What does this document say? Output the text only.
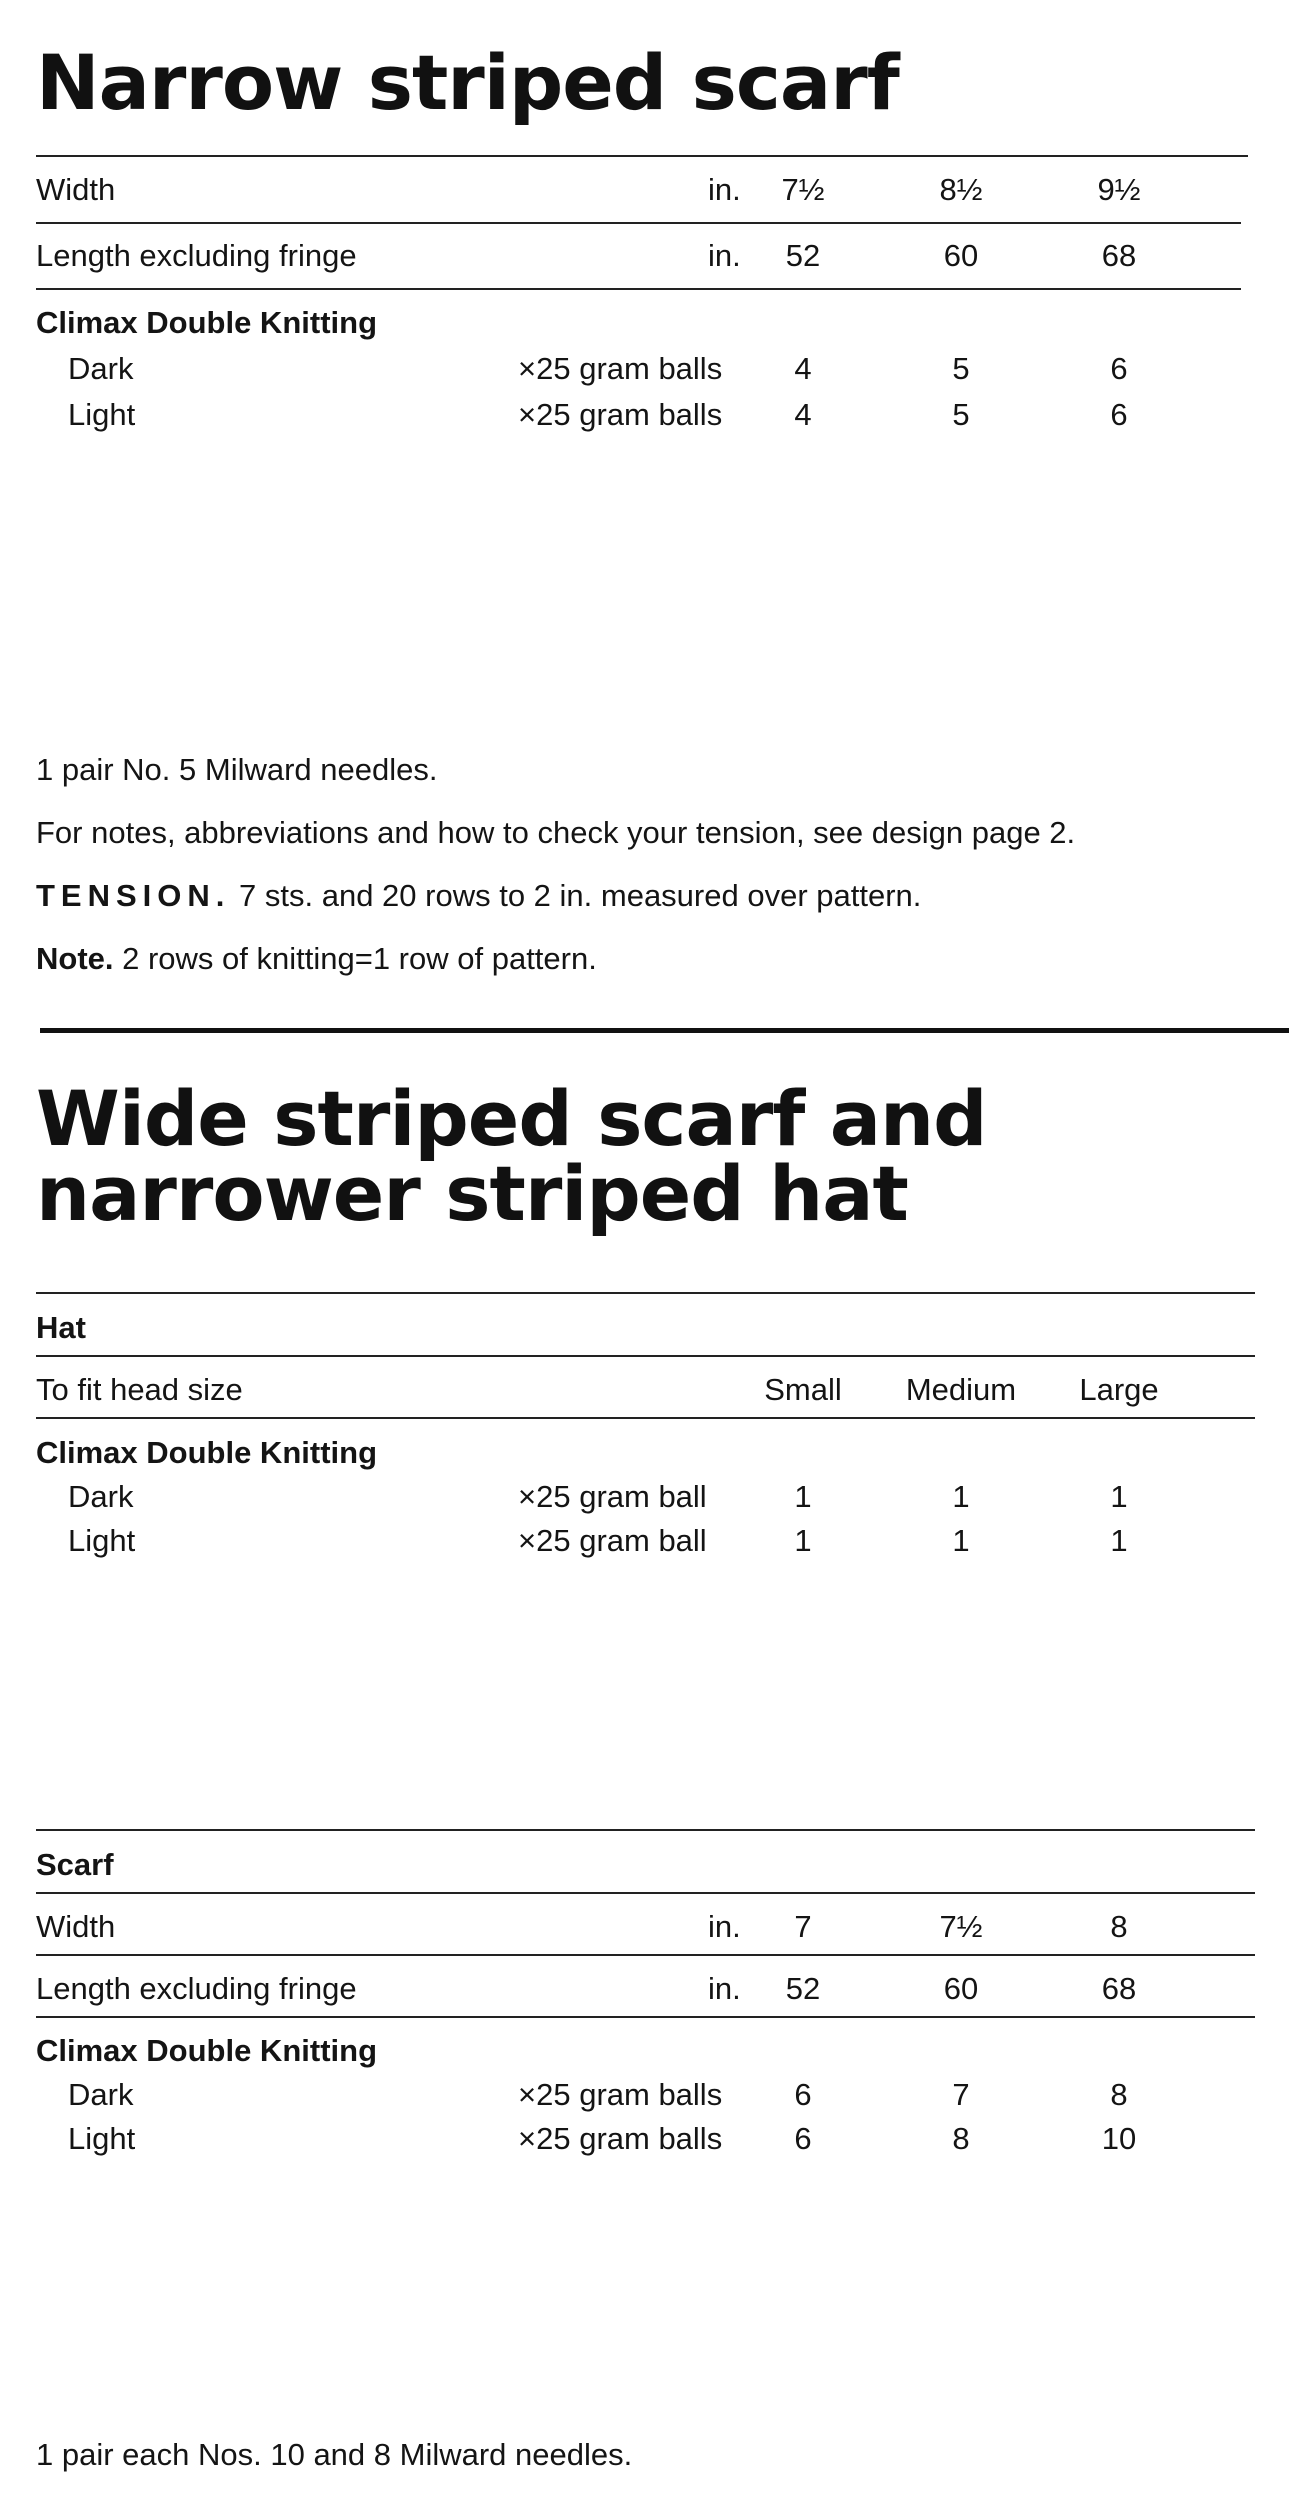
Narrow striped scarf
Width	in.	7½	8½	9½
Length excluding fringe	in.	52	60	68
Climax Double Knitting
Dark	×25 gram balls	4	5	6
Light	×25 gram balls	4	5	6
1 pair No. 5 Milward needles.
For notes, abbreviations and how to check your tension, see design page 2.
TENSION. 7 sts. and 20 rows to 2 in. measured over pattern.
Note. 2 rows of knitting=1 row of pattern.
Wide striped scarf and
narrower striped hat
Hat
To fit head size	Small	Medium	Large
Climax Double Knitting
Dark	×25 gram ball	1	1	1
Light	×25 gram ball	1	1	1
Scarf
Width	in.	7	7½	8
Length excluding fringe	in.	52	60	68
Climax Double Knitting
Dark	×25 gram balls	6	7	8
Light	×25 gram balls	6	8	10
1 pair each Nos. 10 and 8 Milward needles.
